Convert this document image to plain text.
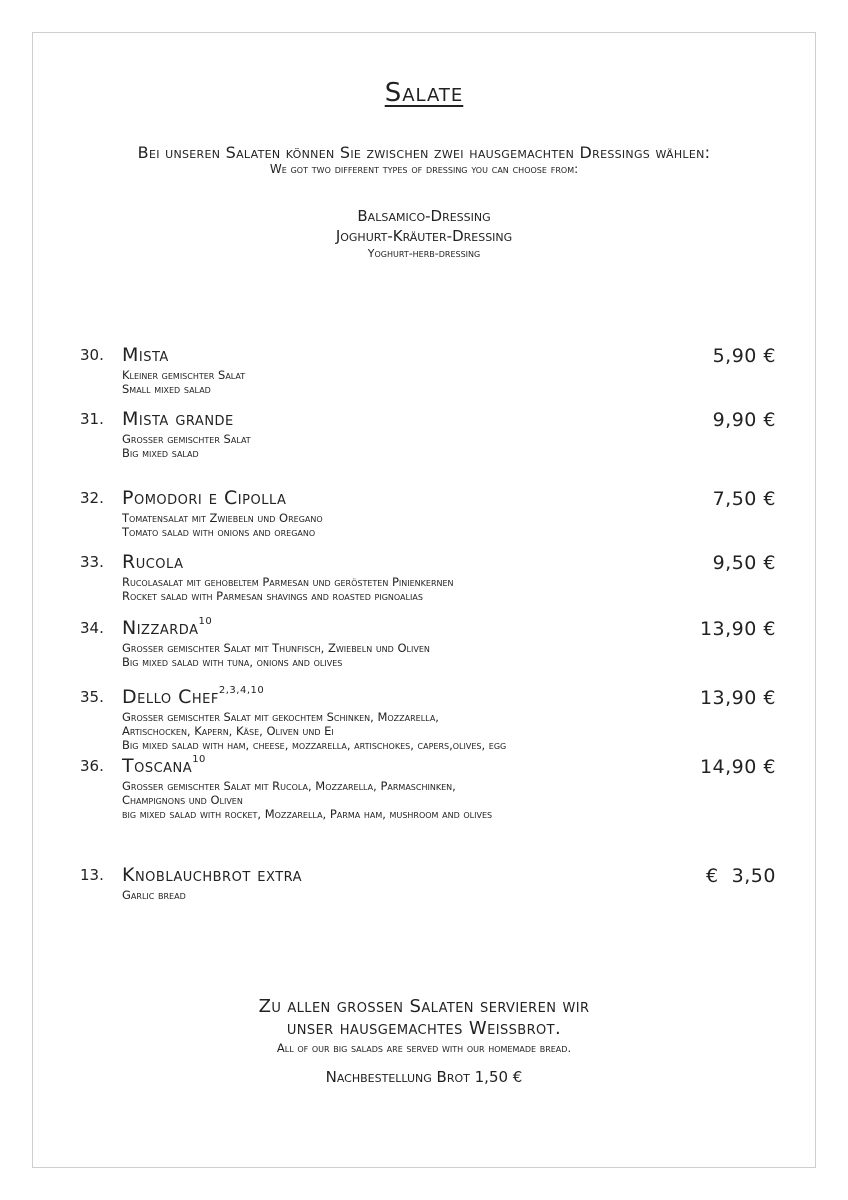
Salate
Bei unseren Salaten können Sie zwischen zwei hausgemachten Dressings wählen:
We got two different types of dressing you can choose from:
Balsamico-Dressing
Joghurt-Kräuter-Dressing
Yoghurt-herb-dressing
30. Mista	5,90 €
Kleiner gemischter Salat
Small mixed salad
31. Mista grande	9,90 €
Grosser gemischter Salat
Big mixed salad
32. Pomodori e Cipolla	7,50 €
Tomatensalat mit Zwiebeln und Oregano
Tomato salad with onions and oregano
33. Rucola	9,50 €
Rucolasalat mit gehobeltem Parmesan und gerösteten Pinienkernen
Rocket salad with Parmesan shavings and roasted pignoalias
34. Nizzarda$^{10}$	13,90 €
Grosser gemischter Salat mit Thunfisch, Zwiebeln und Oliven
Big mixed salad with tuna, onions and olives
35. Dello Chef$^{2,3,4,10}$	13,90 €
Grosser gemischter Salat mit gekochtem Schinken, Mozzarella,
Artischocken, Kapern, Käse, Oliven und Ei
Big mixed salad with ham, cheese, mozzarella, artischokes, capers,olives, egg
36. Toscana$^{10}$	14,90 €
Grosser gemischter Salat mit Rucola, Mozzarella, Parmaschinken,
Champignons und Oliven
big mixed salad with rocket, Mozzarella, Parma ham, mushroom and olives
13. Knoblauchbrot extra	€  3,50
Garlic bread
Zu allen grossen Salaten servieren wir
unser hausgemachtes Weissbrot.
All of our big salads are served with our homemade bread.
Nachbestellung Brot 1,50 €
